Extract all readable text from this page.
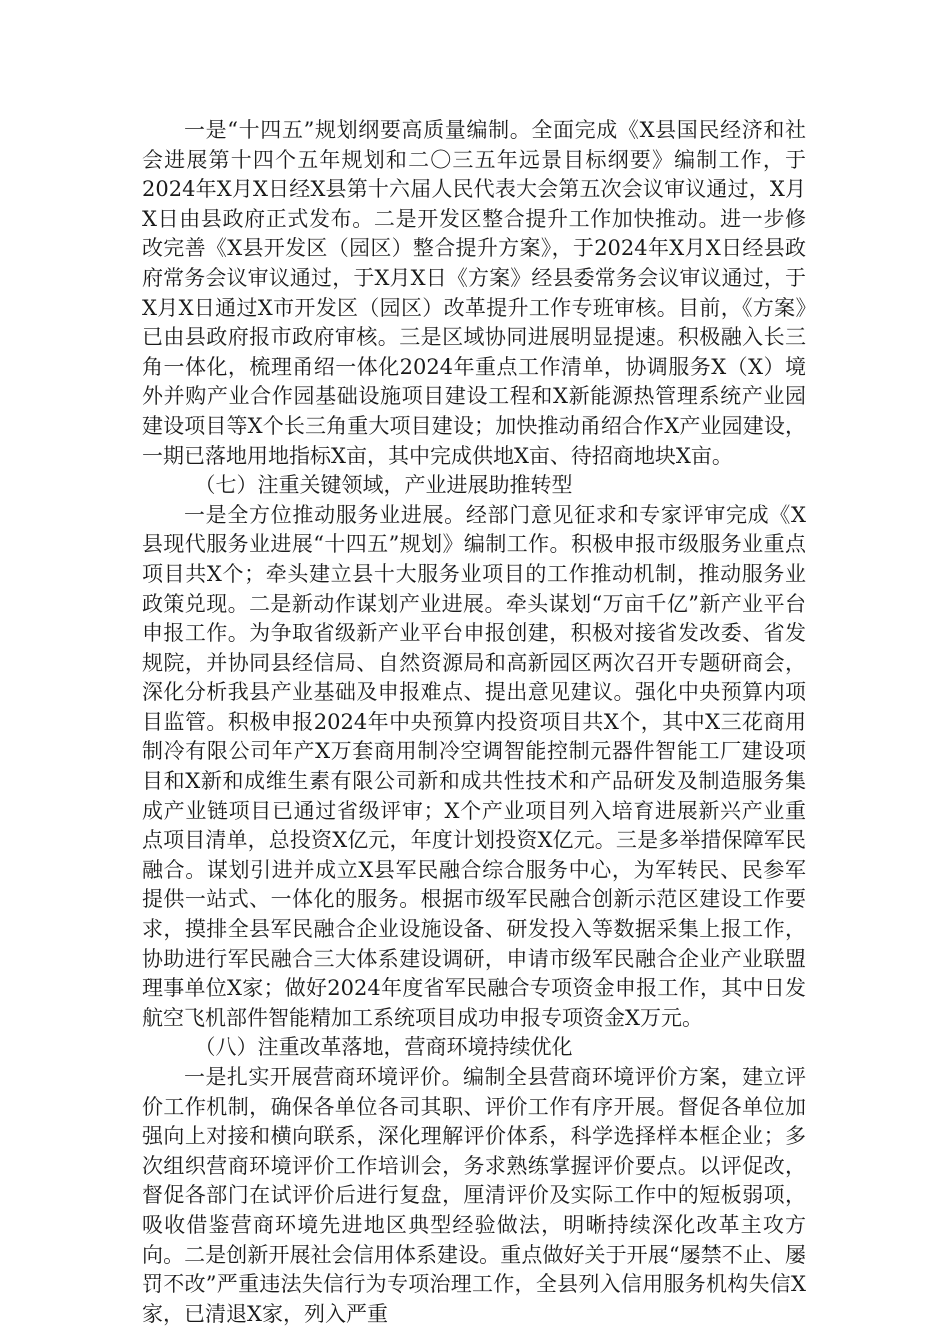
一是“十四五”规划纲要高质量编制。全面完成《X县国民经济和社会进展第十四个五年规划和二〇三五年远景目标纲要》编制工作，于2024年X月X日经X县第十六届人民代表大会第五次会议审议通过，X月X日由县政府正式发布。二是开发区整合提升工作加快推动。进一步修改完善《X县开发区（园区）整合提升方案》，于2024年X月X日经县政府常务会议审议通过，于X月X日《方案》经县委常务会议审议通过，于X月X日通过X市开发区（园区）改革提升工作专班审核。目前，《方案》已由县政府报市政府审核。三是区域协同进展明显提速。积极融入长三角一体化，梳理甬绍一体化2024年重点工作清单，协调服务X（X）境外并购产业合作园基础设施项目建设工程和X新能源热管理系统产业园建设项目等X个长三角重大项目建设；加快推动甬绍合作X产业园建设，一期已落地用地指标X亩，其中完成供地X亩、待招商地块X亩。

（七）注重关键领域，产业进展助推转型

一是全方位推动服务业进展。经部门意见征求和专家评审完成《X县现代服务业进展“十四五”规划》编制工作。积极申报市级服务业重点项目共X个；牵头建立县十大服务业项目的工作推动机制，推动服务业政策兑现。二是新动作谋划产业进展。牵头谋划“万亩千亿”新产业平台申报工作。为争取省级新产业平台申报创建，积极对接省发改委、省发规院，并协同县经信局、自然资源局和高新园区两次召开专题研商会，深化分析我县产业基础及申报难点、提出意见建议。强化中央预算内项目监管。积极申报2024年中央预算内投资项目共X个，其中X三花商用制冷有限公司年产X万套商用制冷空调智能控制元器件智能工厂建设项目和X新和成维生素有限公司新和成共性技术和产品研发及制造服务集成产业链项目已通过省级评审；X个产业项目列入培育进展新兴产业重点项目清单，总投资X亿元，年度计划投资X亿元。三是多举措保障军民融合。谋划引进并成立X县军民融合综合服务中心，为军转民、民参军提供一站式、一体化的服务。根据市级军民融合创新示范区建设工作要求，摸排全县军民融合企业设施设备、研发投入等数据采集上报工作，协助进行军民融合三大体系建设调研，申请市级军民融合企业产业联盟理事单位X家；做好2024年度省军民融合专项资金申报工作，其中日发航空飞机部件智能精加工系统项目成功申报专项资金X万元。

（八）注重改革落地，营商环境持续优化

一是扎实开展营商环境评价。编制全县营商环境评价方案，建立评价工作机制，确保各单位各司其职、评价工作有序开展。督促各单位加强向上对接和横向联系，深化理解评价体系，科学选择样本框企业；多次组织营商环境评价工作培训会，务求熟练掌握评价要点。以评促改，督促各部门在试评价后进行复盘，厘清评价及实际工作中的短板弱项，吸收借鉴营商环境先进地区典型经验做法，明晰持续深化改革主攻方向。二是创新开展社会信用体系建设。重点做好关于开展“屡禁不止、屡罚不改”严重违法失信行为专项治理工作，全县列入信用服务机构失信X家，已清退X家，列入严重
